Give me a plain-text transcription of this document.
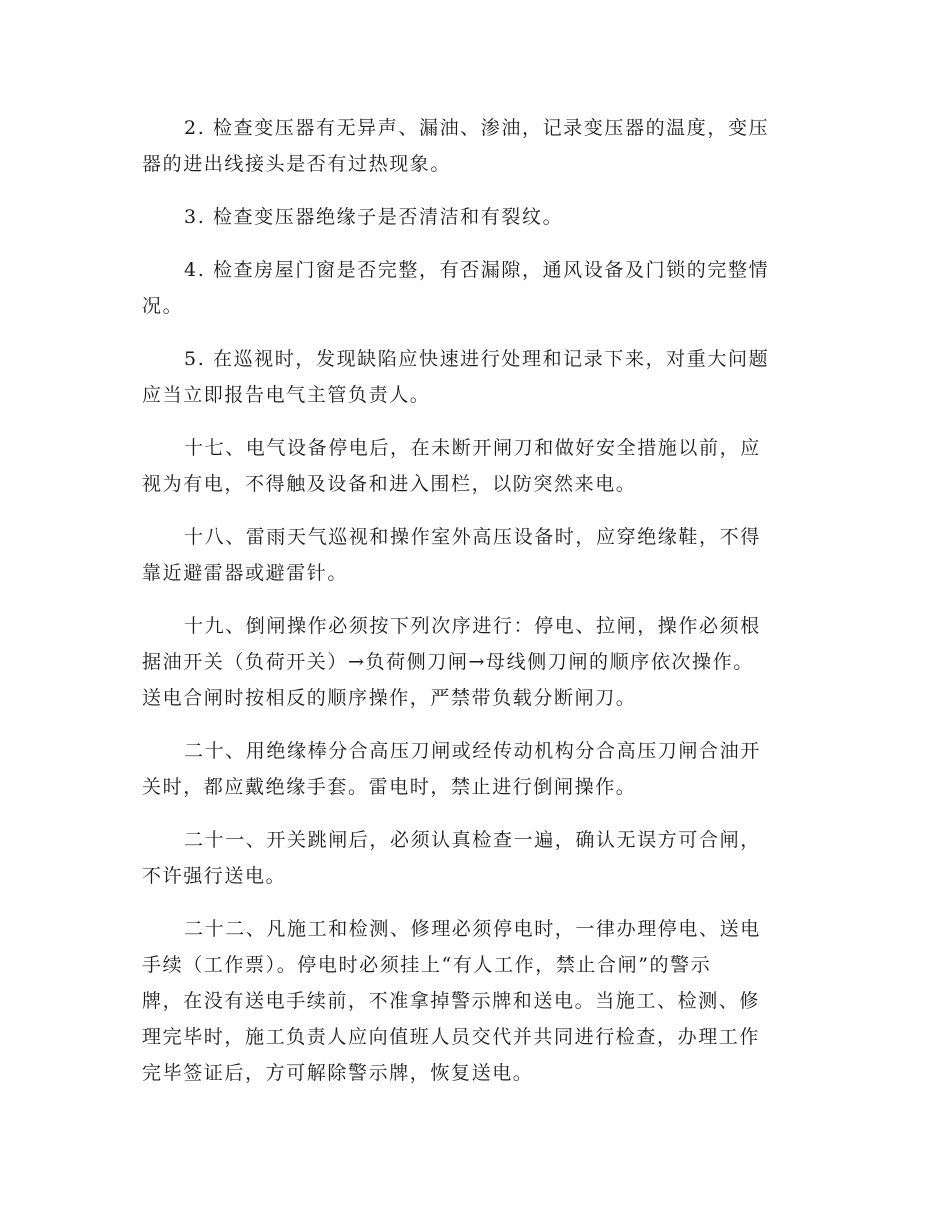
2. 检查变压器有无异声、漏油、渗油，记录变压器的温度，变压
器的进出线接头是否有过热现象。

3. 检查变压器绝缘子是否清洁和有裂纹。

4. 检查房屋门窗是否完整，有否漏隙，通风设备及门锁的完整情
况。

5. 在巡视时，发现缺陷应快速进行处理和记录下来，对重大问题
应当立即报告电气主管负责人。

十七、电气设备停电后，在未断开闸刀和做好安全措施以前，应
视为有电，不得触及设备和进入围栏，以防突然来电。

十八、雷雨天气巡视和操作室外高压设备时，应穿绝缘鞋，不得
靠近避雷器或避雷针。

十九、倒闸操作必须按下列次序进行：停电、拉闸，操作必须根
据油开关（负荷开关）→负荷侧刀闸→母线侧刀闸的顺序依次操作。
送电合闸时按相反的顺序操作，严禁带负载分断闸刀。

二十、用绝缘棒分合高压刀闸或经传动机构分合高压刀闸合油开
关时，都应戴绝缘手套。雷电时，禁止进行倒闸操作。

二十一、开关跳闸后，必须认真检查一遍，确认无误方可合闸，
不许强行送电。

二十二、凡施工和检测、修理必须停电时，一律办理停电、送电
手续（工作票）。停电时必须挂上“有人工作，禁止合闸”的警示
牌，在没有送电手续前，不准拿掉警示牌和送电。当施工、检测、修
理完毕时，施工负责人应向值班人员交代并共同进行检查，办理工作
完毕签证后，方可解除警示牌，恢复送电。
